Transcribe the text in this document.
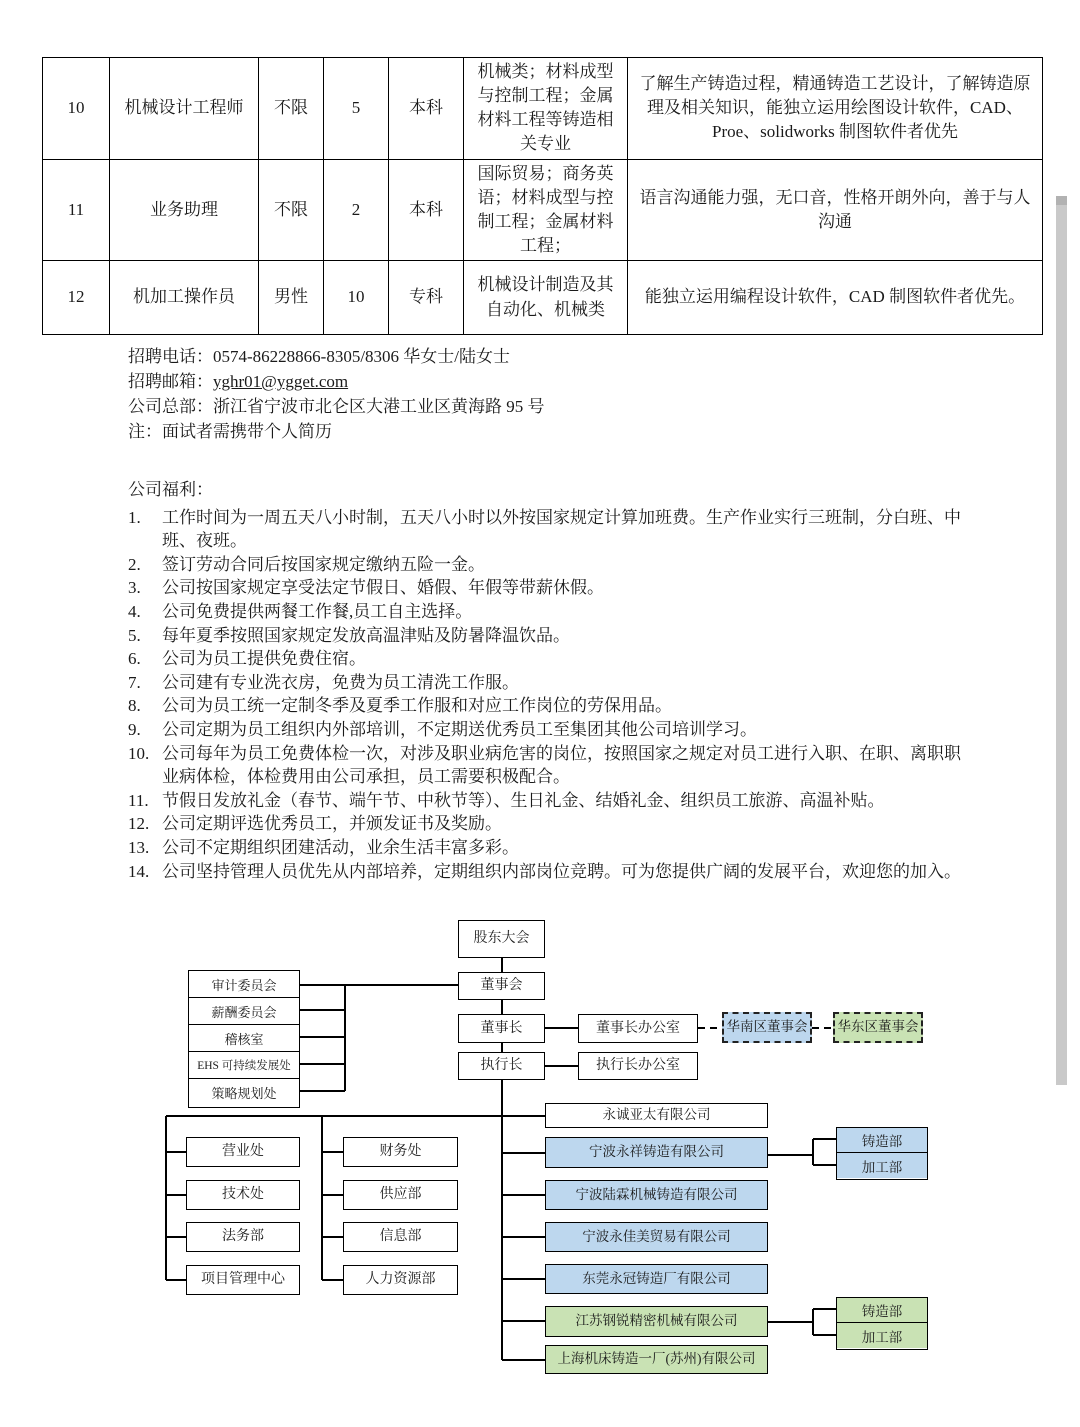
10	机械设计工程师	不限	5	本科	机械类；材料成型与控制工程；金属材料工程等铸造相关专业	了解生产铸造过程，精通铸造工艺设计，了解铸造原理及相关知识，能独立运用绘图设计软件，CAD、Proe、solidworks 制图软件者优先
11	业务助理	不限	2	本科	国际贸易；商务英语；材料成型与控制工程；金属材料工程；	语言沟通能力强，无口音，性格开朗外向，善于与人沟通
12	机加工操作员	男性	10	专科	机械设计制造及其自动化、机械类	能独立运用编程设计软件，CAD 制图软件者优先。
招聘电话：0574-86228866-8305/8306 华女士/陆女士
招聘邮箱：yghr01@ygget.com
公司总部：浙江省宁波市北仑区大港工业区黄海路 95 号
注：面试者需携带个人简历
公司福利：
1.	工作时间为一周五天八小时制，五天八小时以外按国家规定计算加班费。生产作业实行三班制，分白班、中班、夜班。
2.	签订劳动合同后按国家规定缴纳五险一金。
3.	公司按国家规定享受法定节假日、婚假、年假等带薪休假。
4.	公司免费提供两餐工作餐,员工自主选择。
5.	每年夏季按照国家规定发放高温津贴及防暑降温饮品。
6.	公司为员工提供免费住宿。
7.	公司建有专业洗衣房，免费为员工清洗工作服。
8.	公司为员工统一定制冬季及夏季工作服和对应工作岗位的劳保用品。
9.	公司定期为员工组织内外部培训，不定期送优秀员工至集团其他公司培训学习。
10. 公司每年为员工免费体检一次，对涉及职业病危害的岗位，按照国家之规定对员工进行入职、在职、离职职业病体检，体检费用由公司承担，员工需要积极配合。
11. 节假日发放礼金（春节、端午节、中秋节等）、生日礼金、结婚礼金、组织员工旅游、高温补贴。
12. 公司定期评选优秀员工，并颁发证书及奖励。
13. 公司不定期组织团建活动，业余生活丰富多彩。
14. 公司坚持管理人员优先从内部培养，定期组织内部岗位竞聘。可为您提供广阔的发展平台，欢迎您的加入。
股东大会
董事会
董事长
执行长
董事长办公室
执行长办公室
华南区董事会	华东区董事会
审计委员会
薪酬委员会
稽核室
EHS 可持续发展处
策略规划处
营业处
技术处
法务部
项目管理中心
财务处
供应部
信息部
人力资源部
永诚亚太有限公司
宁波永祥铸造有限公司
宁波陆霖机械铸造有限公司
宁波永佳美贸易有限公司
东莞永冠铸造厂有限公司
江苏钢锐精密机械有限公司
上海机床铸造一厂(苏州)有限公司
铸造部
加工部
铸造部
加工部
